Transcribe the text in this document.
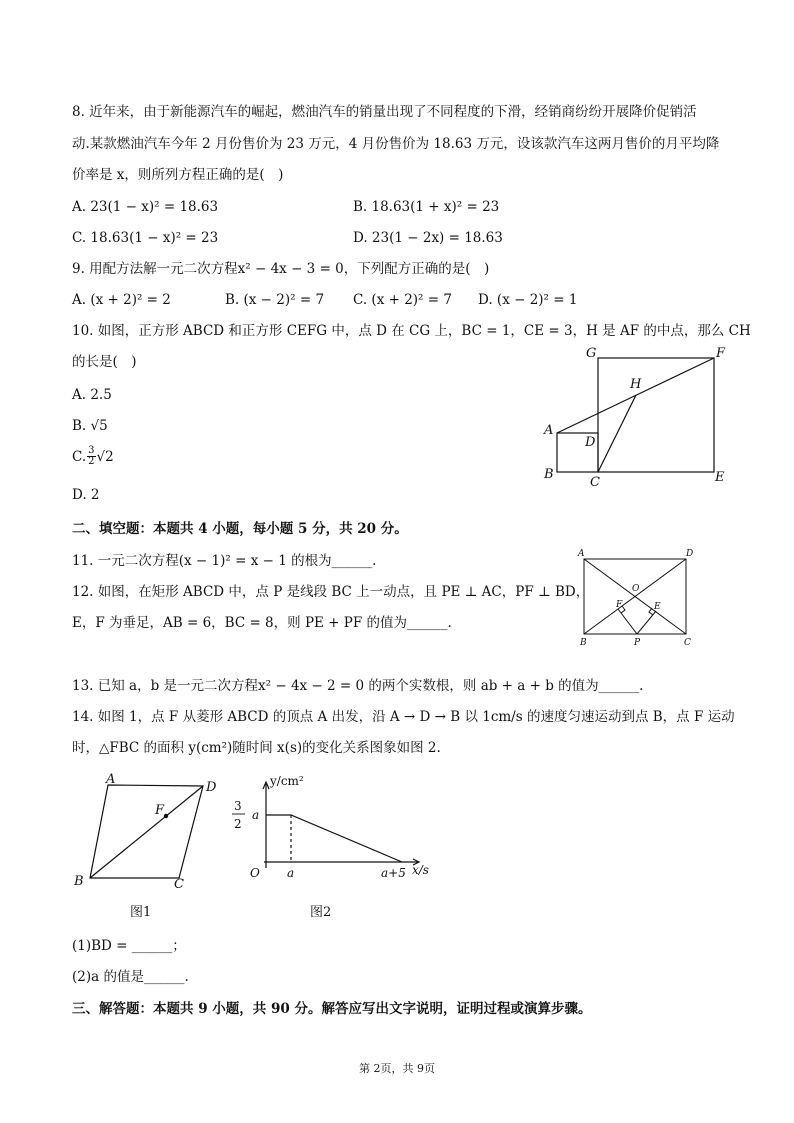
8. 近年来，由于新能源汽车的崛起，燃油汽车的销量出现了不同程度的下滑，经销商纷纷开展降价促销活
动.某款燃油汽车今年 2 月份售价为 23 万元，4 月份售价为 18.63 万元，设该款汽车这两月售价的月平均降
价率是 x，则所列方程正确的是(　)
A. 23(1 − x)² = 18.63	B. 18.63(1 + x)² = 23
C. 18.63(1 − x)² = 23	D. 23(1 − 2x) = 18.63
9. 用配方法解一元二次方程x² − 4x − 3 = 0，下列配方正确的是(　)
A. (x + 2)² = 2	B. (x − 2)² = 7 C. (x + 2)² = 7 D. (x − 2)² = 1
10. 如图，正方形 ABCD 和正方形 CEFG 中，点 D 在 CG 上，BC = 1，CE = 3，H 是 AF 的中点，那么 CH
的长是(　)
A. 2.5
B. √5
C. $\frac{3}{2} √2$
D. 2
G	F
H
A
D
B
C	E
二、填空题：本题共 4 小题，每小题 5 分，共 20 分。
11. 一元二次方程(x − 1)² = x − 1 的根为______.
12. 如图，在矩形 ABCD 中，点 P 是线段 BC 上一动点，且 PE ⊥ AC，PF ⊥ BD，
E，F 为垂足，AB = 6，BC = 8，则 PE + PF 的值为______.
A	D
O
F	E
B	P	C
13. 已知 a，b 是一元二次方程x² − 4x − 2 = 0 的两个实数根，则 ab + a + b 的值为______.
14. 如图 1，点 F 从菱形 ABCD 的顶点 A 出发，沿 A → D → B 以 1cm/s 的速度匀速运动到点 B，点 F 运动
时，△FBC 的面积 y(cm²)随时间 x(s)的变化关系图象如图 2.
A
D
F
B	C
图1
y/cm²
3
2
a
O a	a+5 x/s
图2
(1)BD = ______；
(2)a 的值是______.
三、解答题：本题共 9 小题，共 90 分。解答应写出文字说明，证明过程或演算步骤。
第 2页，共 9页
